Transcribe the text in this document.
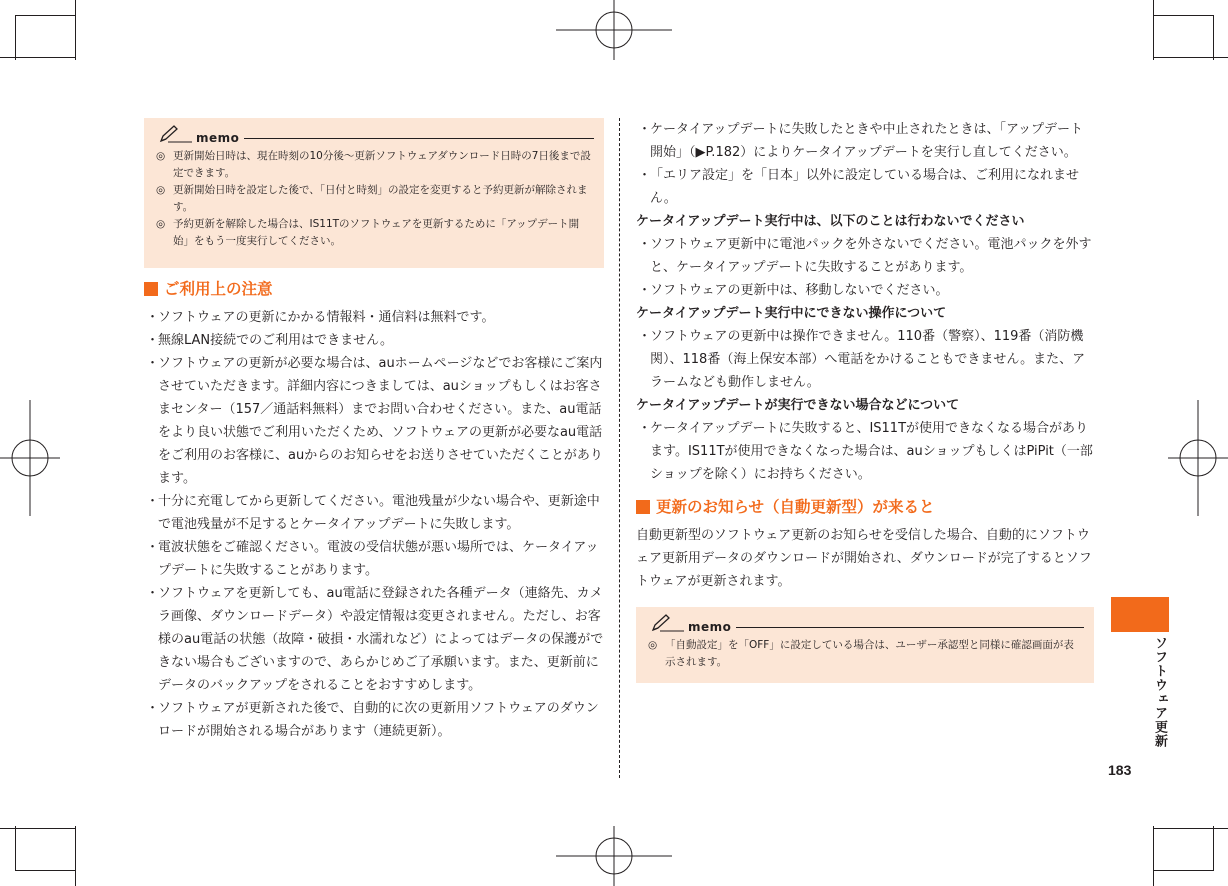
memo

◎ 更新開始日時は、現在時刻の10分後～更新ソフトウェアダウンロード日時の7日後まで設定できます。

◎ 更新開始日時を設定した後で、「日付と時刻」の設定を変更すると予約更新が解除されます。

◎ 予約更新を解除した場合は、IS11Tのソフトウェアを更新するために「アップデート開始」をもう一度実行してください。

ご利用上の注意

・
ソフトウェアの更新にかかる情報料・通信料は無料です。

・
無線LAN接続でのご利用はできません。

・
ソフトウェアの更新が必要な場合は、auホームページなどでお客様にご案内させていただきます。詳細内容につきましては、auショップもしくはお客さまセンター（157／通話料無料）までお問い合わせください。また、au電話をより良い状態でご利用いただくため、ソフトウェアの更新が必要なau電話をご利用のお客様に、auからのお知らせをお送りさせていただくことがあります。

・
十分に充電してから更新してください。電池残量が少ない場合や、更新途中で電池残量が不足するとケータイアップデートに失敗します。

・
電波状態をご確認ください。電波の受信状態が悪い場所では、ケータイアップデートに失敗することがあります。

・
ソフトウェアを更新しても、au電話に登録された各種データ（連絡先、カメラ画像、ダウンロードデータ）や設定情報は変更されません。ただし、お客様のau電話の状態（故障・破損・水濡れなど）によってはデータの保護ができない場合もございますので、あらかじめご了承願います。また、更新前にデータのバックアップをされることをおすすめします。

・
ソフトウェアが更新された後で、自動的に次の更新用ソフトウェアのダウンロードが開始される場合があります（連続更新）。

・
ケータイアップデートに失敗したときや中止されたときは、「アップデート開始」（▶P.182）によりケータイアップデートを実行し直してください。

・
「エリア設定」を「日本」以外に設定している場合は、ご利用になれません。

ケータイアップデート実行中は、以下のことは行わないでください

・
ソフトウェア更新中に電池パックを外さないでください。電池パックを外すと、ケータイアップデートに失敗することがあります。

・
ソフトウェアの更新中は、移動しないでください。

ケータイアップデート実行中にできない操作について

・
ソフトウェアの更新中は操作できません。110番（警察）、119番（消防機関）、118番（海上保安本部）へ電話をかけることもできません。また、アラームなども動作しません。

ケータイアップデートが実行できない場合などについて

・
ケータイアップデートに失敗すると、IS11Tが使用できなくなる場合があります。IS11Tが使用できなくなった場合は、auショップもしくはPiPit（一部ショップを除く）にお持ちください。

更新のお知らせ（自動更新型）が来ると

自動更新型のソフトウェア更新のお知らせを受信した場合、自動的にソフトウェア更新用データのダウンロードが開始され、ダウンロードが完了するとソフトウェアが更新されます。

memo

◎ 「自動設定」を「OFF」に設定している場合は、ユーザー承認型と同様に確認画面が表示されます。	ソフトウェア更新
183
